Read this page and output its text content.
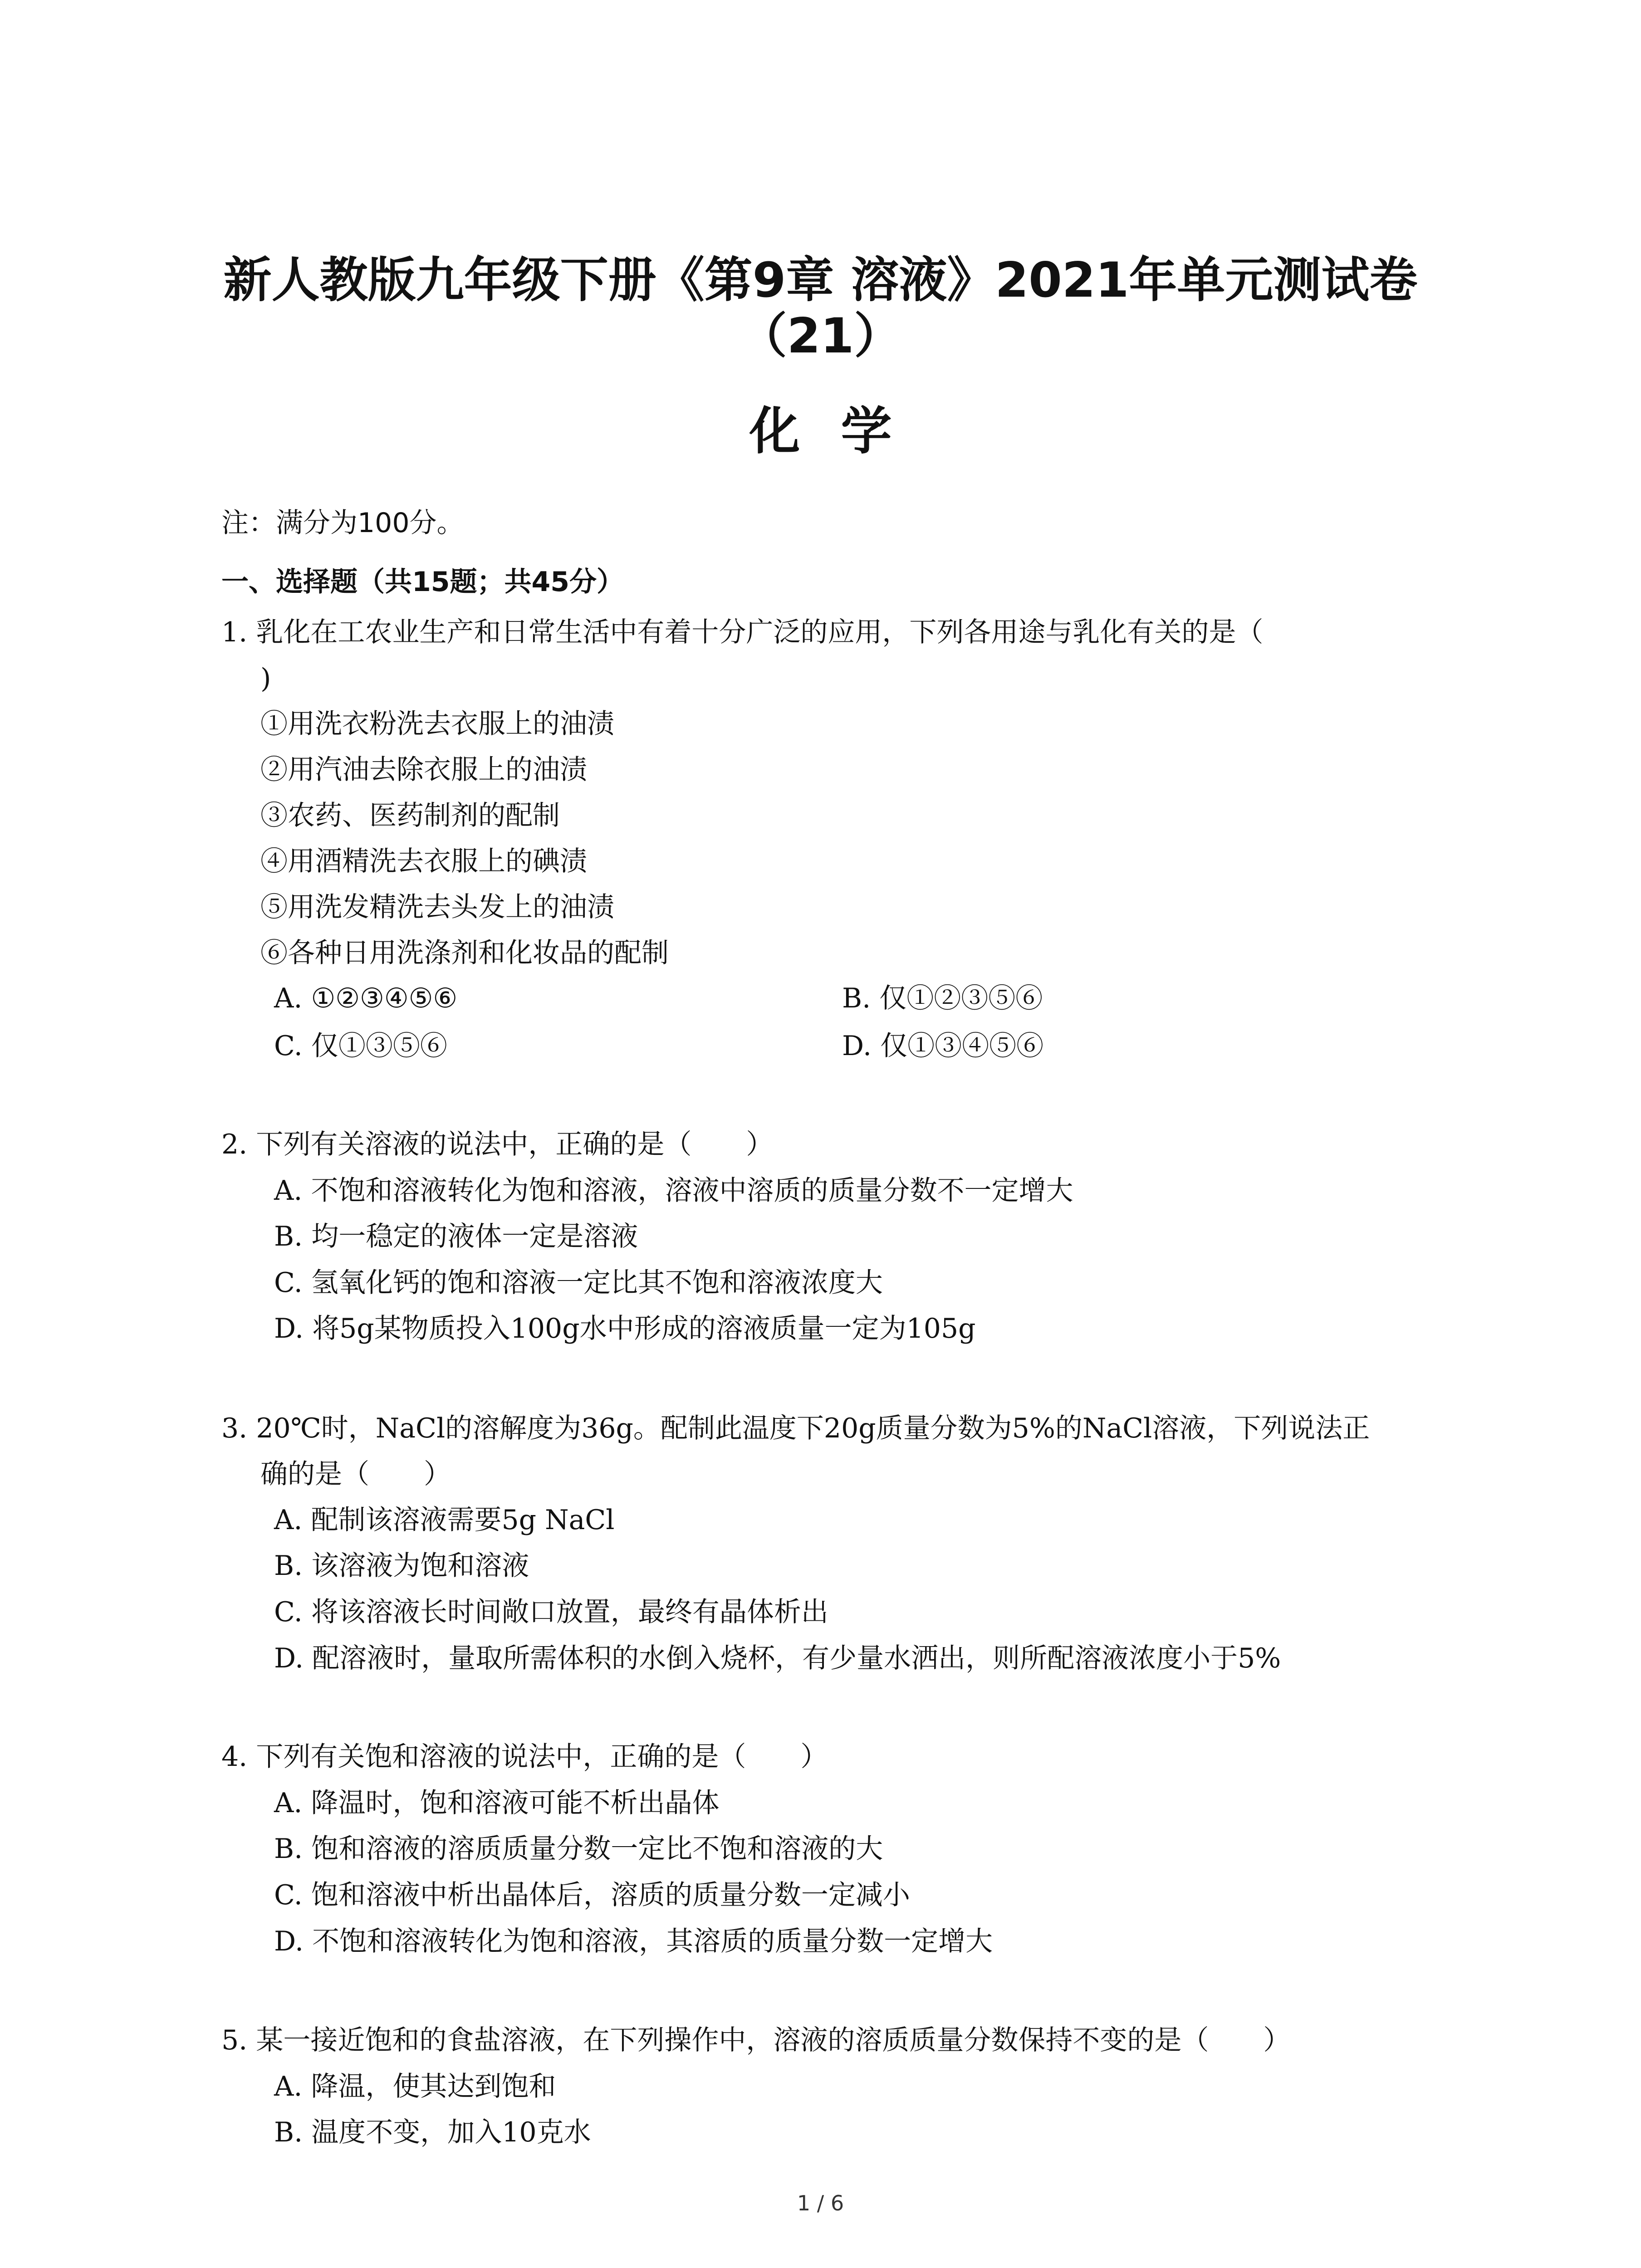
新人教版九年级下册《第9章 溶液》2021年单元测试卷
（21）
化学
注：满分为100分。
一、选择题（共15题；共45分）
1. 乳化在工农业生产和日常生活中有着十分广泛的应用，下列各用途与乳化有关的是（
)
①用洗衣粉洗去衣服上的油渍
②用汽油去除衣服上的油渍
③农药、医药制剂的配制
④用酒精洗去衣服上的碘渍
⑤用洗发精洗去头发上的油渍
⑥各种日用洗涤剂和化妆品的配制
A. ①②③④⑤⑥	B. 仅①②③⑤⑥
C. 仅①③⑤⑥	D. 仅①③④⑤⑥
2. 下列有关溶液的说法中，正确的是（　　）
A. 不饱和溶液转化为饱和溶液，溶液中溶质的质量分数不一定增大
B. 均一稳定的液体一定是溶液
C. 氢氧化钙的饱和溶液一定比其不饱和溶液浓度大
D. 将5g某物质投入100g水中形成的溶液质量一定为105g
3. 20℃时，NaCl的溶解度为36g。配制此温度下20g质量分数为5%的NaCl溶液，下列说法正
确的是（　　）
A. 配制该溶液需要5g NaCl
B. 该溶液为饱和溶液
C. 将该溶液长时间敞口放置，最终有晶体析出
D. 配溶液时，量取所需体积的水倒入烧杯，有少量水洒出，则所配溶液浓度小于5%
4. 下列有关饱和溶液的说法中，正确的是（　　）
A. 降温时，饱和溶液可能不析出晶体
B. 饱和溶液的溶质质量分数一定比不饱和溶液的大
C. 饱和溶液中析出晶体后，溶质的质量分数一定减小
D. 不饱和溶液转化为饱和溶液，其溶质的质量分数一定增大
5. 某一接近饱和的食盐溶液，在下列操作中，溶液的溶质质量分数保持不变的是（　　）
A. 降温，使其达到饱和
B. 温度不变，加入10克水
1 / 6
